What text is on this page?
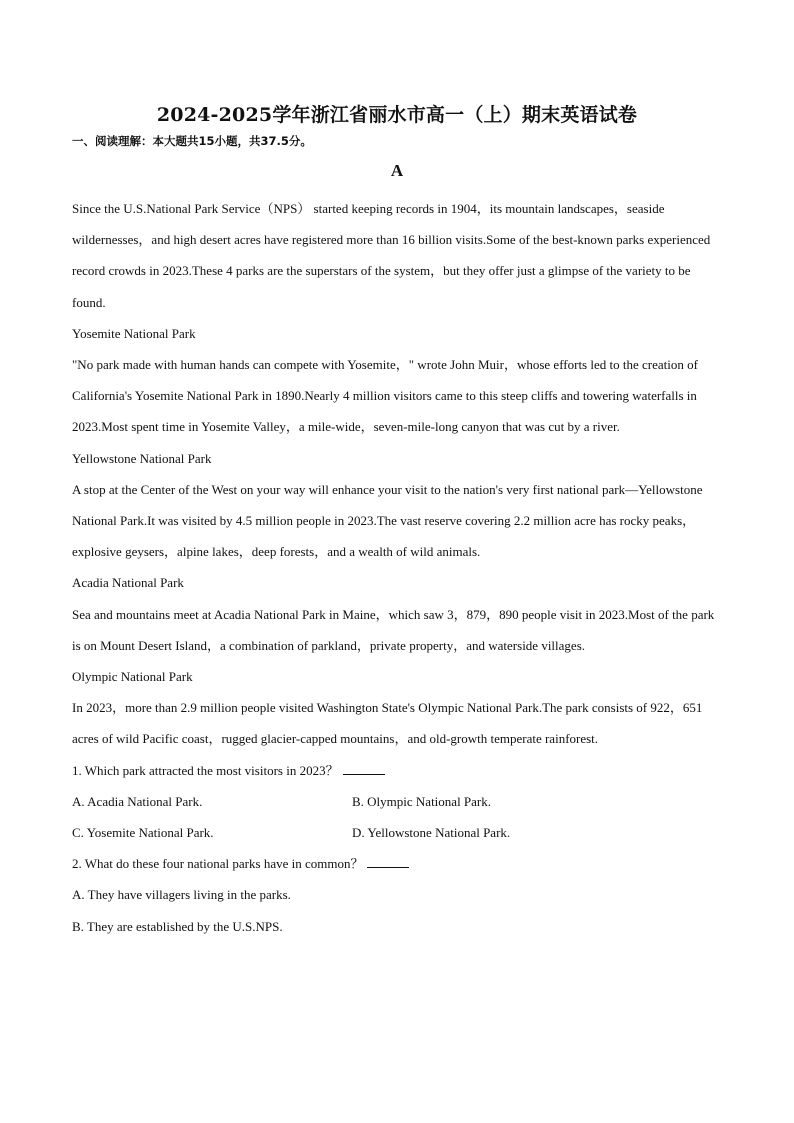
2024-2025学年浙江省丽水市高一（上）期末英语试卷
一、阅读理解：本大题共15小题，共37.5分。
A

Since the U.S.National Park Service（NPS） started keeping records in 1904，its mountain landscapes，seaside wildernesses，and high desert acres have registered more than 16 billion visits.Some of the best-known parks experienced record crowds in 2023.These 4 parks are the superstars of the system，but they offer just a glimpse of the variety to be found.

Yosemite National Park

"No park made with human hands can compete with Yosemite，" wrote John Muir，whose efforts led to the creation of California's Yosemite National Park in 1890.Nearly 4 million visitors came to this steep cliffs and towering waterfalls in 2023.Most spent time in Yosemite Valley，a mile-wide，seven-mile-long canyon that was cut by a river.

Yellowstone National Park

A stop at the Center of the West on your way will enhance your visit to the nation's very first national park—Yellowstone National Park.It was visited by 4.5 million people in 2023.The vast reserve covering 2.2 million acre has rocky peaks，explosive geysers，alpine lakes，deep forests，and a wealth of wild animals.

Acadia National Park

Sea and mountains meet at Acadia National Park in Maine，which saw 3，879，890 people visit in 2023.Most of the park is on Mount Desert Island，a combination of parkland，private property，and waterside villages.

Olympic National Park

In 2023，more than 2.9 million people visited Washington State's Olympic National Park.The park consists of 922，651 acres of wild Pacific coast，rugged glacier-capped mountains，and old-growth temperate rainforest.

1. Which park attracted the most visitors in 2023？
A. Acadia National Park.	B. Olympic National Park.
C. Yosemite National Park.	D. Yellowstone National Park.
2. What do these four national parks have in common？
A. They have villagers living in the parks.
B. They are established by the U.S.NPS.
